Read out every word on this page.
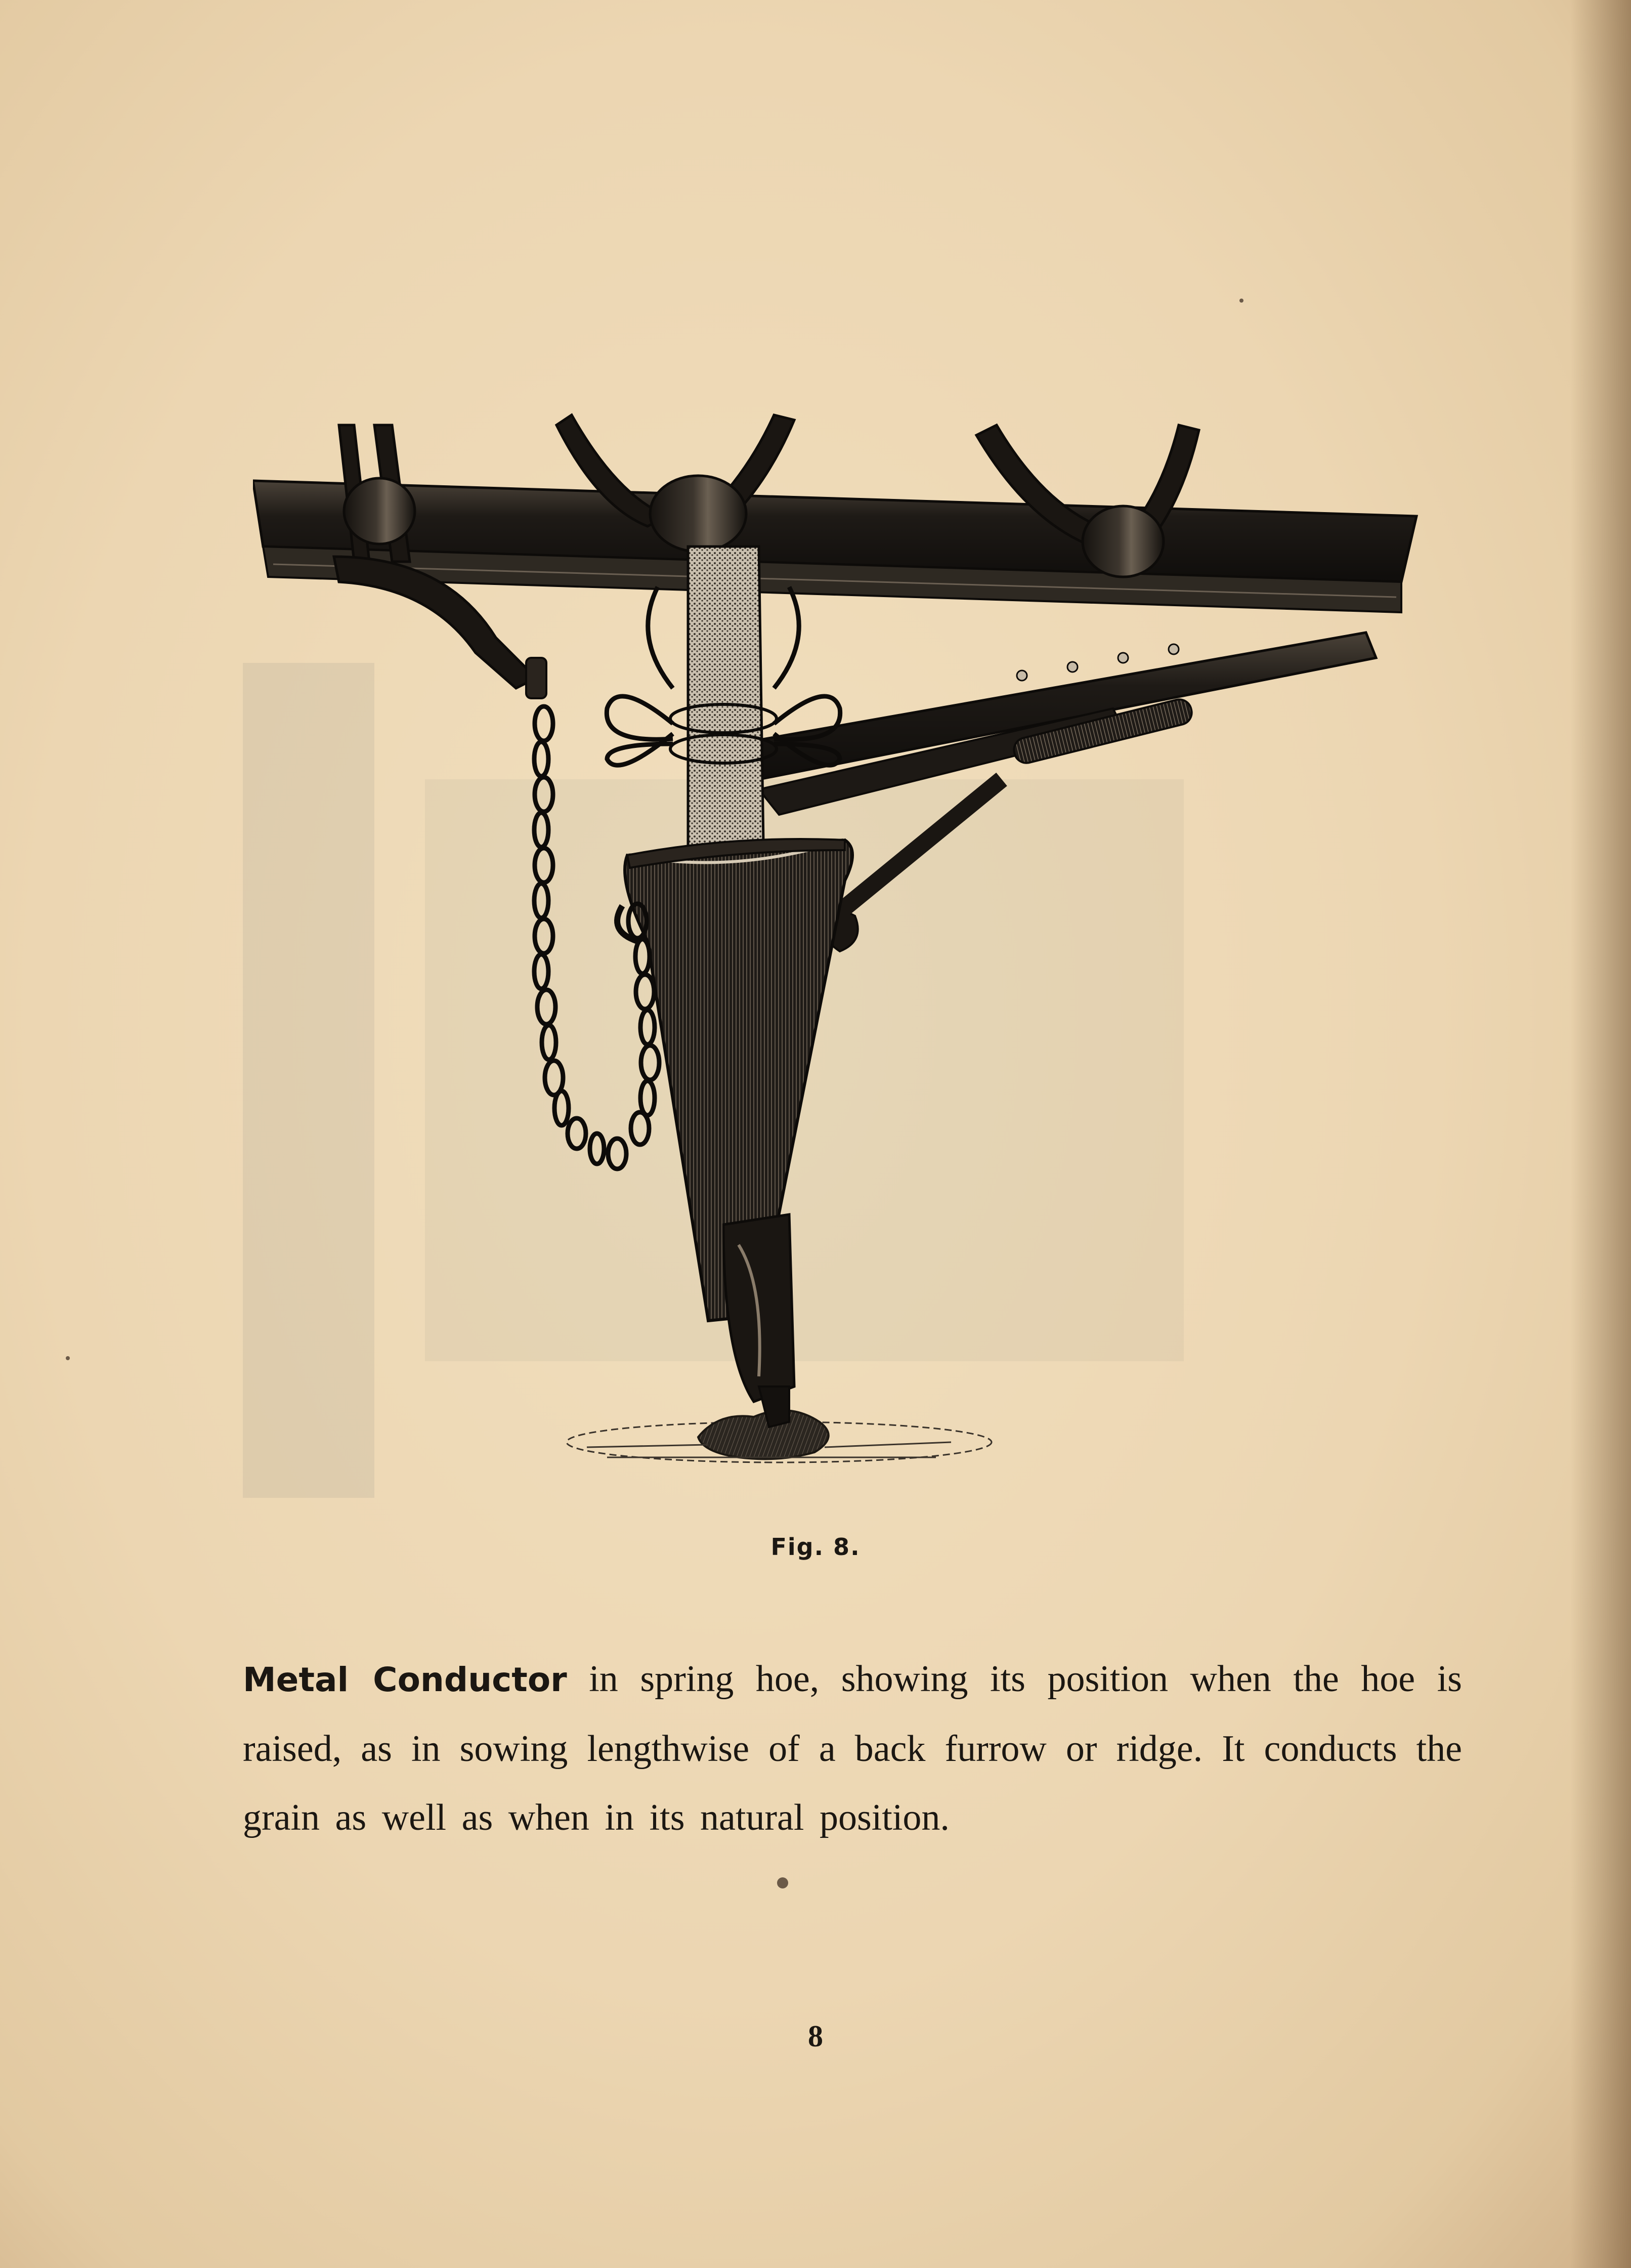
Fig. 8.
Metal Conductor in spring hoe, showing its position when the hoe is raised, as in sowing lengthwise of a back furrow or ridge. It conducts the grain as well as when in its natural position.
8
